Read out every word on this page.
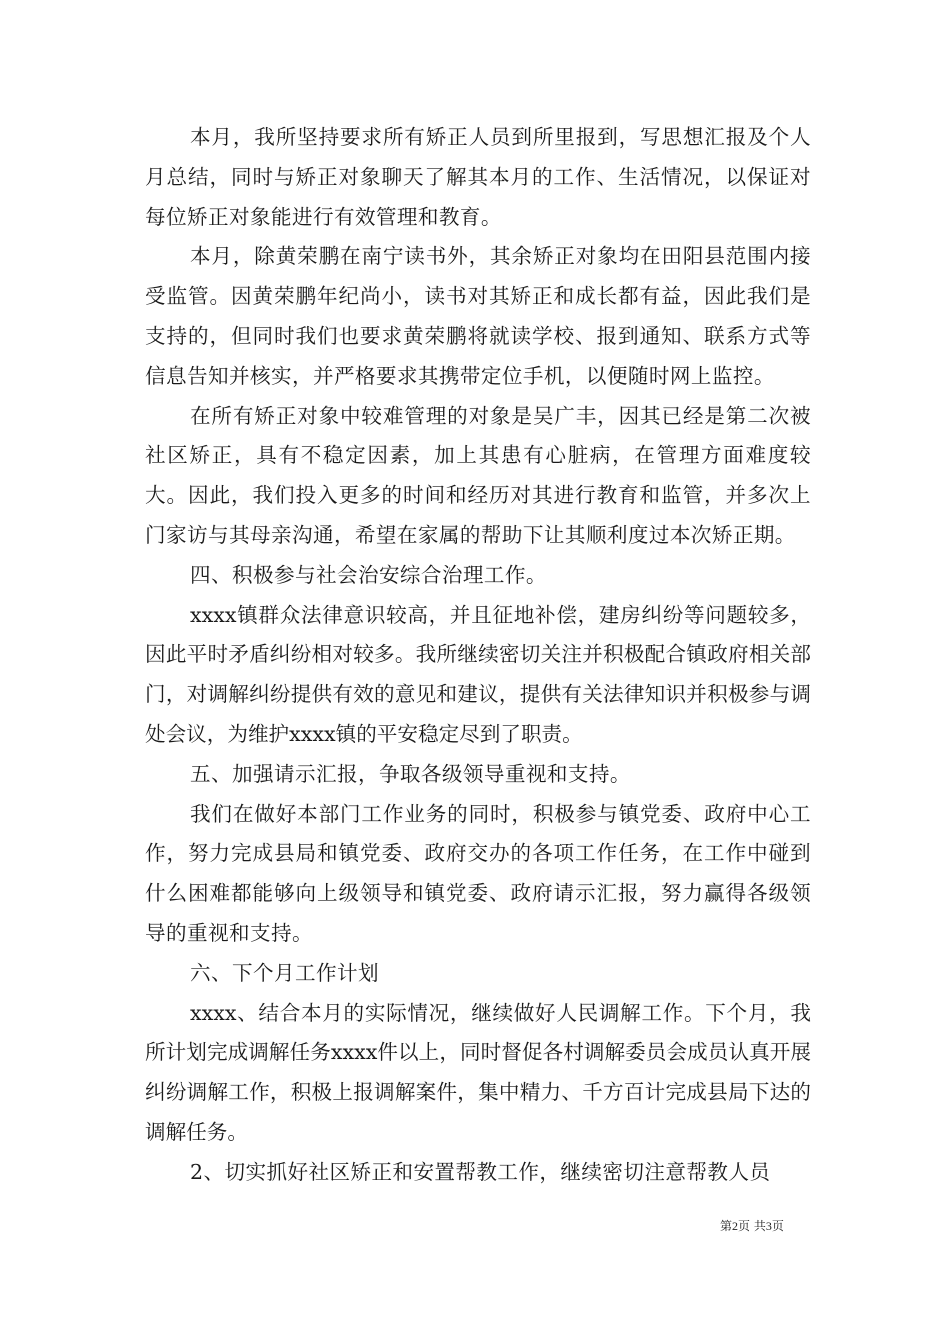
本月，我所坚持要求所有矫正人员到所里报到，写思想汇报及个人月总结，同时与矫正对象聊天了解其本月的工作、生活情况，以保证对每位矫正对象能进行有效管理和教育。

本月，除黄荣鹏在南宁读书外，其余矫正对象均在田阳县范围内接受监管。因黄荣鹏年纪尚小，读书对其矫正和成长都有益，因此我们是支持的，但同时我们也要求黄荣鹏将就读学校、报到通知、联系方式等信息告知并核实，并严格要求其携带定位手机，以便随时网上监控。

在所有矫正对象中较难管理的对象是吴广丰，因其已经是第二次被社区矫正，具有不稳定因素，加上其患有心脏病，在管理方面难度较大。因此，我们投入更多的时间和经历对其进行教育和监管，并多次上门家访与其母亲沟通，希望在家属的帮助下让其顺利度过本次矫正期。

四、积极参与社会治安综合治理工作。

xxxx镇群众法律意识较高，并且征地补偿，建房纠纷等问题较多，因此平时矛盾纠纷相对较多。我所继续密切关注并积极配合镇政府相关部门，对调解纠纷提供有效的意见和建议，提供有关法律知识并积极参与调处会议，为维护xxxx镇的平安稳定尽到了职责。

五、加强请示汇报，争取各级领导重视和支持。

我们在做好本部门工作业务的同时，积极参与镇党委、政府中心工作，努力完成县局和镇党委、政府交办的各项工作任务，在工作中碰到什么困难都能够向上级领导和镇党委、政府请示汇报，努力赢得各级领导的重视和支持。

六、下个月工作计划

xxxx、结合本月的实际情况，继续做好人民调解工作。下个月，我所计划完成调解任务xxxx件以上，同时督促各村调解委员会成员认真开展纠纷调解工作，积极上报调解案件，集中精力、千方百计完成县局下达的调解任务。

2、切实抓好社区矫正和安置帮教工作，继续密切注意帮教人员

第2页 共3页
